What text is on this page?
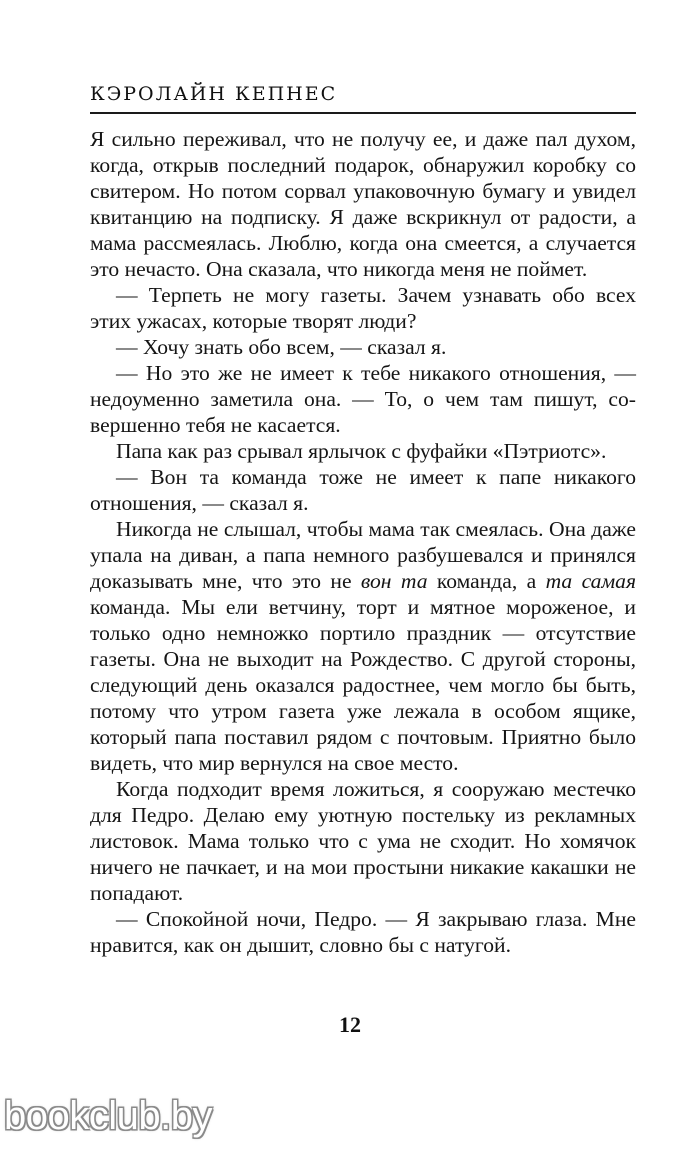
КЭРОЛАЙН КЕПНЕС

Я сильно переживал, что не получу ее, и даже пал духом, когда, открыв последний подарок, обнаружил коробку со свитером. Но потом сорвал упаковочную бумагу и увидел квитанцию на подписку. Я даже вскрикнул от радости, а мама рассмеялась. Люблю, когда она смеется, а случается это нечасто. Она сказала, что никогда меня не поймет.

— Терпеть не могу газеты. Зачем узнавать обо всех этих ужасах, которые творят люди?

— Хочу знать обо всем, — сказал я.

— Но это же не имеет к тебе никакого отношения, — недоуменно заметила она. — То, о чем там пишут, совершенно тебя не касается.

Папа как раз срывал ярлычок с фуфайки «Пэтриотс».

— Вон та команда тоже не имеет к папе никакого отношения, — сказал я.

Никогда не слышал, чтобы мама так смеялась. Она даже упала на диван, а папа немного разбушевался и принялся доказывать мне, что это не вон та команда, а та самая команда. Мы ели ветчину, торт и мятное мороженое, и только одно немножко портило праздник — отсутствие газеты. Она не выходит на Рождество. С другой стороны, следующий день оказался радостнее, чем могло бы быть, потому что утром газета уже лежала в особом ящике, который папа поставил рядом с почтовым. Приятно было видеть, что мир вернулся на свое место.

Когда подходит время ложиться, я сооружаю местечко для Педро. Делаю ему уютную постельку из рекламных листовок. Мама только что с ума не сходит. Но хомячок ничего не пачкает, и на мои простыни никакие какашки не попадают.

— Спокойной ночи, Педро. — Я закрываю глаза. Мне нравится, как он дышит, словно бы с натугой.

12
bookclub.by
